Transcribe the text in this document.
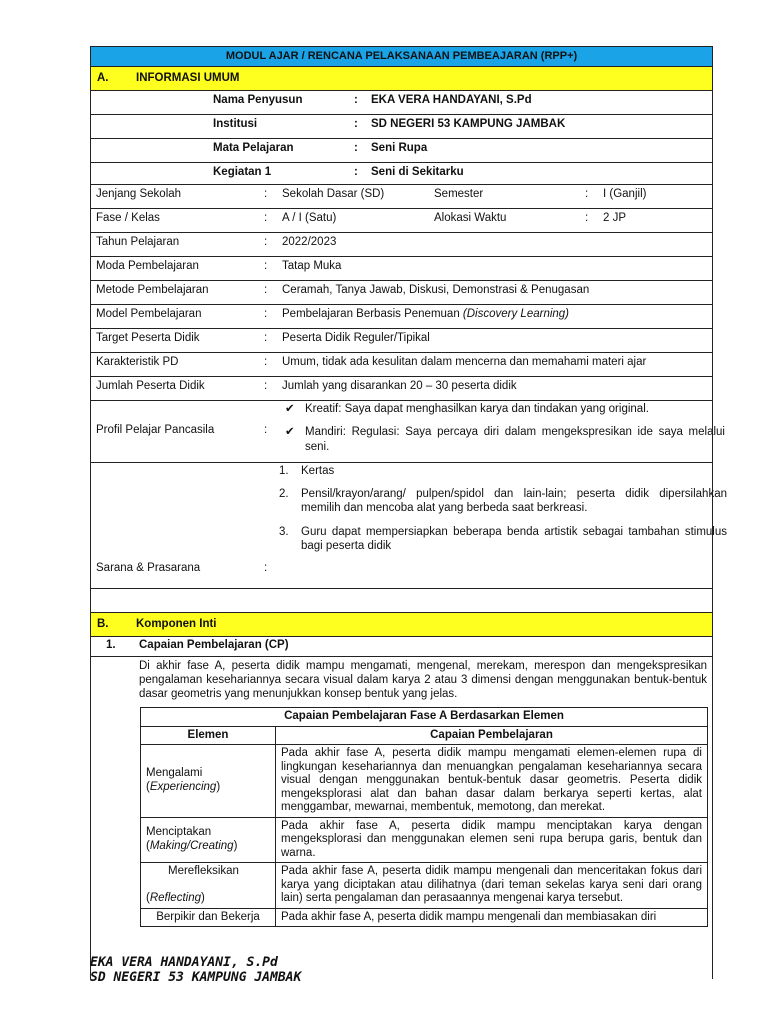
MODUL AJAR / RENCANA PELAKSANAAN PEMBEAJARAN (RPP+)
A. INFORMASI UMUM
Nama Penyusun	: EKA VERA HANDAYANI, S.Pd
Institusi	: SD NEGERI 53 KAMPUNG JAMBAK
Mata Pelajaran	: Seni Rupa
Kegiatan 1	: Seni di Sekitarku
Jenjang Sekolah	: Sekolah Dasar (SD)	Semester	: I (Ganjil)
Fase / Kelas	: A / I (Satu)	Alokasi Waktu	: 2 JP
Tahun Pelajaran	: 2022/2023
Moda Pembelajaran	: Tatap Muka
Metode Pembelajaran	: Ceramah, Tanya Jawab, Diskusi, Demonstrasi & Penugasan
Model Pembelajaran	: Pembelajaran Berbasis Penemuan (Discovery Learning)
Target Peserta Didik	: Peserta Didik Reguler/Tipikal
Karakteristik PD	: Umum, tidak ada kesulitan dalam mencerna dan memahami materi ajar
Jumlah Peserta Didik	: Jumlah yang disarankan 20 – 30 peserta didik
Profil Pelajar Pancasila	:
✔ Kreatif: Saya dapat menghasilkan karya dan tindakan yang original.
✔ Mandiri: Regulasi: Saya percaya diri dalam mengekspresikan ide saya melalui seni.
Sarana & Prasarana	:
1. Kertas
2. Pensil/krayon/arang/ pulpen/spidol dan lain-lain; peserta didik dipersilahkan memilih dan mencoba alat yang berbeda saat berkreasi.
3. Guru dapat mempersiapkan beberapa benda artistik sebagai tambahan stimulus bagi peserta didik
B. Komponen Inti
1. Capaian Pembelajaran (CP)
Di akhir fase A, peserta didik mampu mengamati, mengenal, merekam, merespon dan mengekspresikan pengalaman kesehariannya secara visual dalam karya 2 atau 3 dimensi dengan menggunakan bentuk-bentuk dasar geometris yang menunjukkan konsep bentuk yang jelas.
Capaian Pembelajaran Fase A Berdasarkan Elemen	
Elemen	Capaian Pembelajaran
Mengalami
(Experiencing)	Pada akhir fase A, peserta didik mampu mengamati elemen-elemen rupa di lingkungan kesehariannya dan menuangkan pengalaman kesehariannya secara visual dengan menggunakan bentuk-bentuk dasar geometris. Peserta didik mengeksplorasi alat dan bahan dasar dalam berkarya seperti kertas, alat menggambar, mewarnai, membentuk, memotong, dan merekat.
Menciptakan
(Making/Creating)	Pada akhir fase A, peserta didik mampu menciptakan karya dengan mengeksplorasi dan menggunakan elemen seni rupa berupa garis, bentuk dan warna.
Merefleksikan

(Reflecting)	Pada akhir fase A, peserta didik mampu mengenali dan menceritakan fokus dari karya yang diciptakan atau dilihatnya (dari teman sekelas karya seni dari orang lain) serta pengalaman dan perasaannya mengenai karya tersebut.
Berpikir dan Bekerja	Pada akhir fase A, peserta didik mampu mengenali dan membiasakan diri
EKA VERA HANDAYANI, S.Pd
SD NEGERI 53 KAMPUNG JAMBAK
